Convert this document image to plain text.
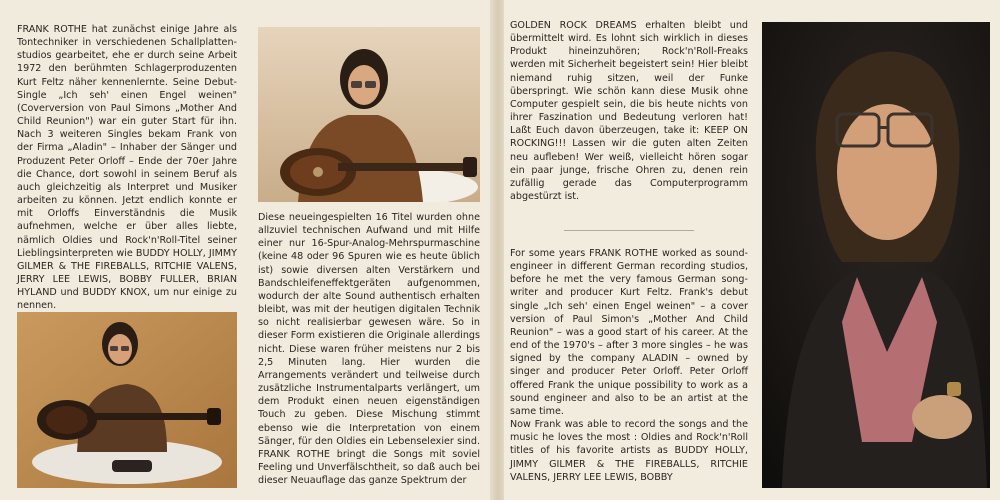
FRANK ROTHE hat zunächst einige Jahre als Tontechniker in verschiedenen Schallplatten-studios gearbeitet, ehe er durch seine Arbeit 1972 den berühmten Schlagerproduzenten Kurt Feltz näher kennenlernte. Seine Debut-Single „Ich seh' einen Engel weinen" (Coverversion von Paul Simons „Mother And Child Reunion") war ein guter Start für ihn. Nach 3 weiteren Singles bekam Frank von der Firma „Aladin" – Inhaber der Sänger und Produzent Peter Orloff – Ende der 70er Jahre die Chance, dort sowohl in seinem Beruf als auch gleichzeitig als Interpret und Musiker arbeiten zu können. Jetzt endlich konnte er mit Orloffs Einverständnis die Musik aufnehmen, welche er über alles liebte, nämlich Oldies und Rock'n'Roll-Titel seiner Lieblingsinterpreten wie BUDDY HOLLY, JIMMY GILMER & THE FIREBALLS, RITCHIE VALENS, JERRY LEE LEWIS, BOBBY FULLER, BRIAN HYLAND und BUDDY KNOX, um nur einige zu nennen.
Diese neueingespielten 16 Titel wurden ohne allzuviel technischen Aufwand und mit Hilfe einer nur 16-Spur-Analog-Mehrspurmaschine (keine 48 oder 96 Spuren wie es heute üblich ist) sowie diversen alten Verstärkern und Bandschleifeneffektgeräten aufgenommen, wodurch der alte Sound authentisch erhalten bleibt, was mit der heutigen digitalen Technik so nicht realisierbar gewesen wäre. So in dieser Form existieren die Originale allerdings nicht. Diese waren früher meistens nur 2 bis 2,5 Minuten lang. Hier wurden die Arrangements verändert und teilweise durch zusätzliche Instrumentalparts verlängert, um dem Produkt einen neuen eigenständigen Touch zu geben. Diese Mischung stimmt ebenso wie die Interpretation von einem Sänger, für den Oldies ein Lebenselexier sind. FRANK ROTHE bringt die Songs mit soviel Feeling und Unverfälschtheit, so daß auch bei dieser Neuauflage das ganze Spektrum der
GOLDEN ROCK DREAMS erhalten bleibt und übermittelt wird. Es lohnt sich wirklich in dieses Produkt hineinzuhören; Rock'n'Roll-Freaks werden mit Sicherheit begeistert sein! Hier bleibt niemand ruhig sitzen, weil der Funke überspringt. Wie schön kann diese Musik ohne Computer gespielt sein, die bis heute nichts von ihrer Faszination und Bedeutung verloren hat! Laßt Euch davon überzeugen, take it: KEEP ON ROCKING!!! Lassen wir die guten alten Zeiten neu aufleben! Wer weiß, vielleicht hören sogar ein paar junge, frische Ohren zu, denen rein zufällig gerade das Computerprogramm abgestürzt ist.
For some years FRANK ROTHE worked as sound-engineer in different German recording studios, before he met the very famous German song-writer and producer Kurt Feltz. Frank's debut single „Ich seh' einen Engel weinen" – a cover version of Paul Simon's „Mother And Child Reunion" – was a good start of his career. At the end of the 1970's – after 3 more singles – he was signed by the company ALADIN – owned by singer and producer Peter Orloff. Peter Orloff offered Frank the unique possibility to work as a sound engineer and also to be an artist at the same time.
Now Frank was able to record the songs and the music he loves the most : Oldies and Rock'n'Roll titles of his favorite artists as BUDDY HOLLY, JIMMY GILMER & THE FIREBALLS, RITCHIE VALENS, JERRY LEE LEWIS, BOBBY
